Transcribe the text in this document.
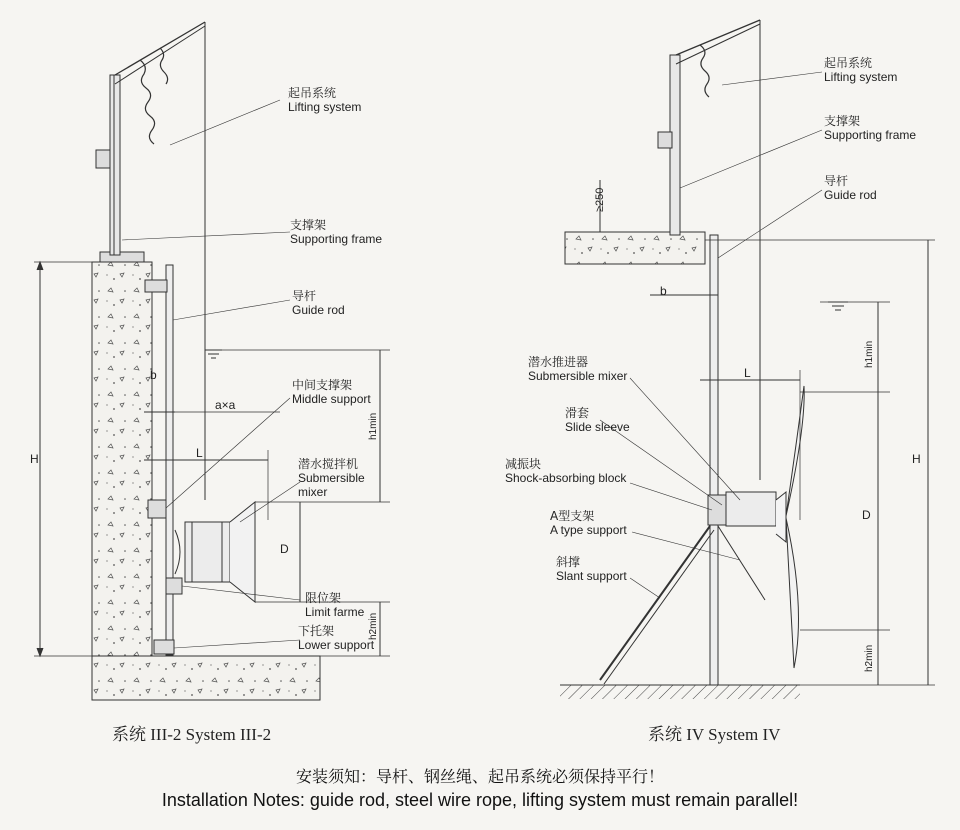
起吊系统
Lifting system
支撑架
Supporting frame
导杆
Guide rod
中间支撑架
Middle support
潜水搅拌机
Submersible mixer
限位架
Limit farme
下托架
Lower support
H
b
a×a
L
D
h1min
h2min
系统 III-2 System III-2
起吊系统
Lifting system
支撑架
Supporting frame
导杆
Guide rod
潜水推进器
Submersible mixer
滑套
Slide sleeve
减振块
Shock-absorbing block
A型支架
A type support
斜撑
Slant support
≥250
b
L
h1min
D
h2min
H
系统 IV System IV
安装须知：导杆、钢丝绳、起吊系统必须保持平行！
Installation Notes: guide rod, steel wire rope, lifting system must remain parallel!
